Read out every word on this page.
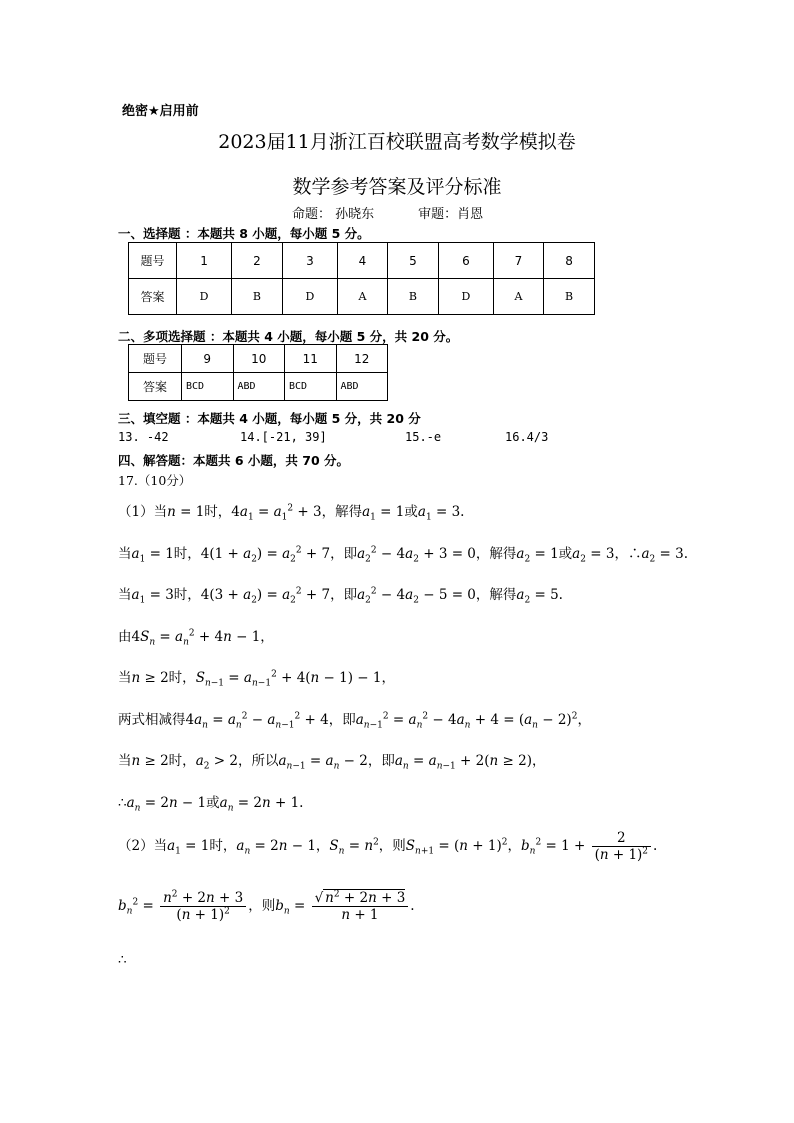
绝密★启用前
2023届11月浙江百校联盟高考数学模拟卷
数学参考答案及评分标准
命题： 孙晓东	审题：肖恩
一、选择题 ：本题共 8 小题，每小题 5 分。
题号	1	2	3	4	5	6	7	8
答案	D	B	D	A	B	D	A	B
二、多项选择题 ：本题共 4 小题，每小题 5 分，共 20 分。
题号	9	10	11	12
答案	BCD	ABD	BCD	ABD
三、填空题 ：本题共 4 小题，每小题 5 分，共 20 分
13. -42	14.[-21, 39]	15.-e	16.4/3
四、解答题：本题共 6 小题，共 70 分。
17.（10分）
（1）当n = 1时，$4a_1 = a_1^2 + 3$，解得$a_1 = 1$或$a_1 = 3$.
当$a_1 = 1$时，$4(1 + a_2) = a_2^2 + 7$，即$a_2^2 - 4a_2 + 3 = 0$，解得$a_2 = 1$或$a_2 = 3$，$\therefore a_2 = 3$.
当$a_1 = 3$时，$4(3 + a_2) = a_2^2 + 7$，即$a_2^2 - 4a_2 - 5 = 0$，解得$a_2 = 5$.
由$4S_n = a_n^2 + 4n - 1$，
当n ≥ 2时，$S_{n-1} = a_{n-1}^2 + 4(n - 1) - 1$，
两式相减得$4a_n = a_n^2 - a_{n-1}^2 + 4$，即$a_{n-1}^2 = a_n^2 - 4a_n + 4 = (a_n - 2)^2$，
当n ≥ 2时，$a_2 > 2$，所以$a_{n-1} = a_n - 2$，即$a_n = a_{n-1} + 2(n \ge 2)$，
$\therefore a_n = 2n - 1$或$a_n = 2n + 1$.
（2）当$a_1 = 1$时，$a_n = 2n - 1$，$S_n = n^2$，则$S_{n+1} = (n + 1)^2$，$b_n^2 = 1 + \frac{2}{(n + 1)^2}$ .
$b_n^2 = \frac{n^2 + 2n + 3}{(n + 1)^2}$ ，则$b_n = \frac{√ n^2 + 2n + 3}{n + 1}$ .
∴
